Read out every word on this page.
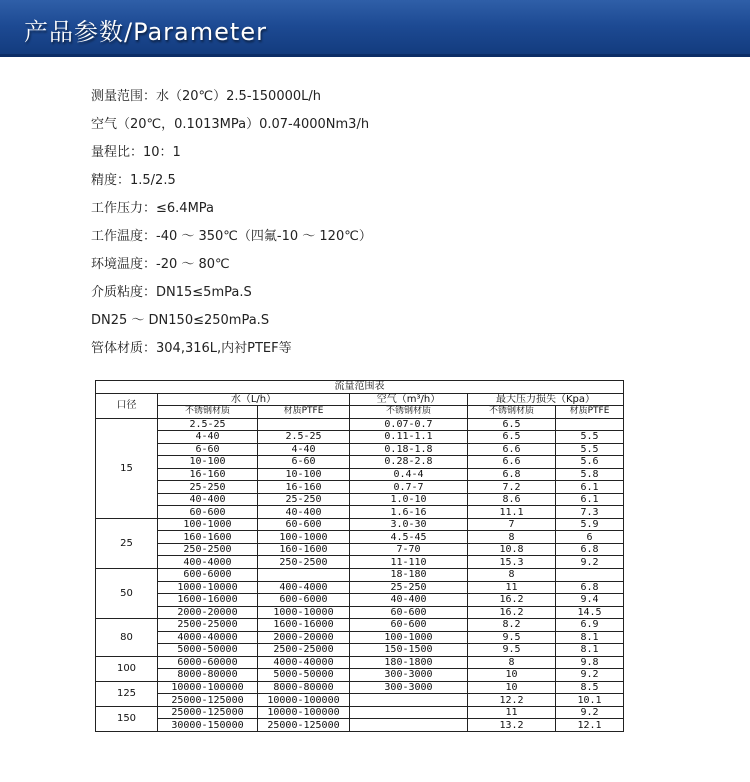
产品参数/Parameter
测量范围：水（20℃）2.5-150000L/h
空气（20℃，0.1013MPa）0.07-4000Nm3/h
量程比：10：1
精度：1.5/2.5
工作压力：≤6.4MPa
工作温度：-40 ～ 350℃（四氟-10 ～ 120℃）
环境温度：-20 ～ 80℃
介质粘度：DN15≤5mPa.S
DN25 ～ DN150≤250mPa.S
管体材质：304,316L,内衬PTEF等
流量范围表					
口径	水（L/h）		空气（m³/h）	最大压力损失（Kpa）	
	不锈钢材质	材质PTFE	不锈钢材质	不锈钢材质	材质PTFE
15	2.5-25		0.07-0.7	6.5	
	4-40	2.5-25	0.11-1.1	6.5	5.5
	6-60	4-40	0.18-1.8	6.6	5.5
	10-100	6-60	0.28-2.8	6.6	5.6
	16-160	10-100	0.4-4	6.8	5.8
	25-250	16-160	0.7-7	7.2	6.1
	40-400	25-250	1.0-10	8.6	6.1
	60-600	40-400	1.6-16	11.1	7.3
25	100-1000	60-600	3.0-30	7	5.9
	160-1600	100-1000	4.5-45	8	6
	250-2500	160-1600	7-70	10.8	6.8
	400-4000	250-2500	11-110	15.3	9.2
50	600-6000		18-180	8	
	1000-10000	400-4000	25-250	11	6.8
	1600-16000	600-6000	40-400	16.2	9.4
	2000-20000	1000-10000	60-600	16.2	14.5
80	2500-25000	1600-16000	60-600	8.2	6.9
	4000-40000	2000-20000	100-1000	9.5	8.1
	5000-50000	2500-25000	150-1500	9.5	8.1
100	6000-60000	4000-40000	180-1800	8	9.8
	8000-80000	5000-50000	300-3000	10	9.2
125	10000-100000	8000-80000	300-3000	10	8.5
	25000-125000	10000-100000		12.2	10.1
150	25000-125000	10000-100000		11	9.2
	30000-150000	25000-125000		13.2	12.1
